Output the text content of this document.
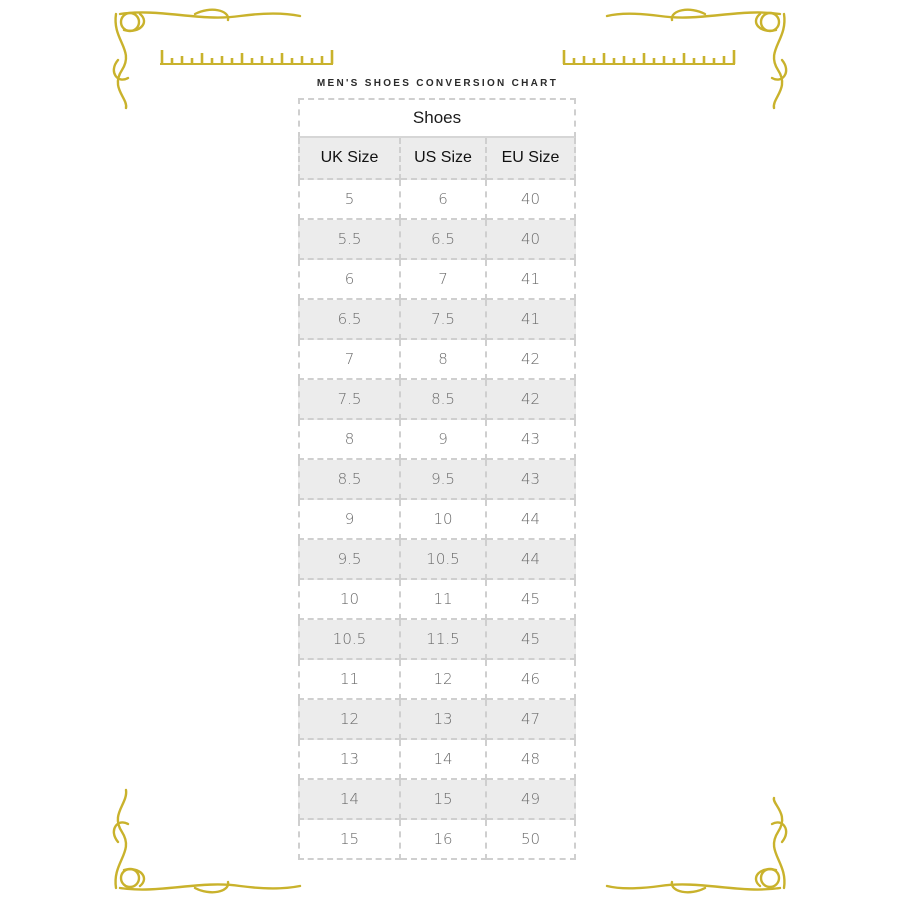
MEN'S SHOES CONVERSION CHART
Shoes		
UK Size	US Size	EU Size
5	6	40
5.5	6.5	40
6	7	41
6.5	7.5	41
7	8	42
7.5	8.5	42
8	9	43
8.5	9.5	43
9	10	44
9.5	10.5	44
10	11	45
10.5	11.5	45
11	12	46
12	13	47
13	14	48
14	15	49
15	16	50
